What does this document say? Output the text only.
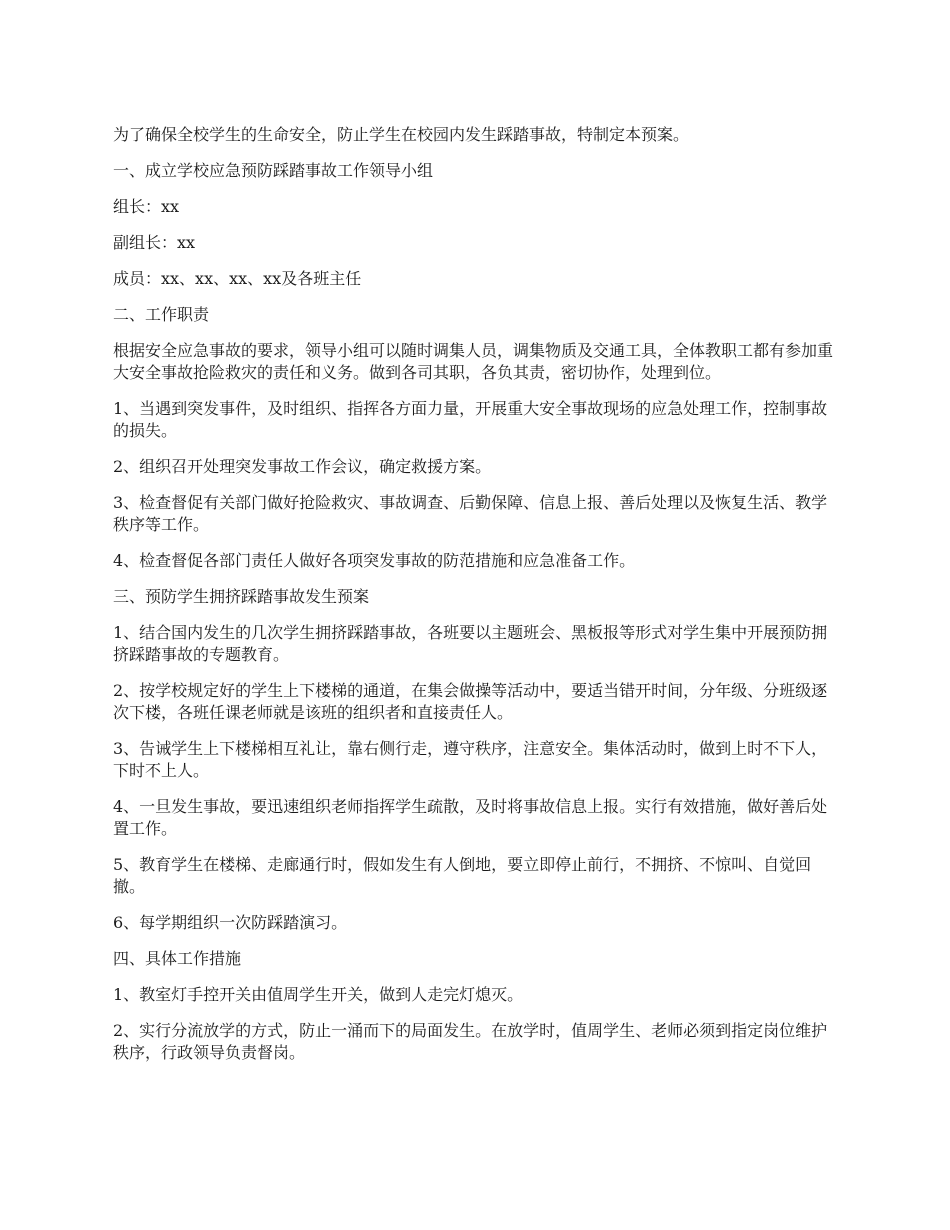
为了确保全校学生的生命安全，防止学生在校园内发生踩踏事故，特制定本预案。

一、成立学校应急预防踩踏事故工作领导小组

组长：xx

副组长：xx

成员：xx、xx、xx、xx及各班主任

二、工作职责

根据安全应急事故的要求，领导小组可以随时调集人员，调集物质及交通工具，全体教职工都有参加重大安全事故抢险救灾的责任和义务。做到各司其职，各负其责，密切协作，处理到位。

1、当遇到突发事件，及时组织、指挥各方面力量，开展重大安全事故现场的应急处理工作，控制事故的损失。

2、组织召开处理突发事故工作会议，确定救援方案。

3、检查督促有关部门做好抢险救灾、事故调查、后勤保障、信息上报、善后处理以及恢复生活、教学秩序等工作。

4、检查督促各部门责任人做好各项突发事故的防范措施和应急准备工作。

三、预防学生拥挤踩踏事故发生预案

1、结合国内发生的几次学生拥挤踩踏事故，各班要以主题班会、黑板报等形式对学生集中开展预防拥挤踩踏事故的专题教育。

2、按学校规定好的学生上下楼梯的通道，在集会做操等活动中，要适当错开时间，分年级、分班级逐次下楼，各班任课老师就是该班的组织者和直接责任人。

3、告诫学生上下楼梯相互礼让，靠右侧行走，遵守秩序，注意安全。集体活动时，做到上时不下人，下时不上人。

4、一旦发生事故，要迅速组织老师指挥学生疏散，及时将事故信息上报。实行有效措施，做好善后处置工作。

5、教育学生在楼梯、走廊通行时，假如发生有人倒地，要立即停止前行，不拥挤、不惊叫、自觉回撤。

6、每学期组织一次防踩踏演习。

四、具体工作措施

1、教室灯手控开关由值周学生开关，做到人走完灯熄灭。

2、实行分流放学的方式，防止一涌而下的局面发生。在放学时，值周学生、老师必须到指定岗位维护秩序，行政领导负责督岗。
